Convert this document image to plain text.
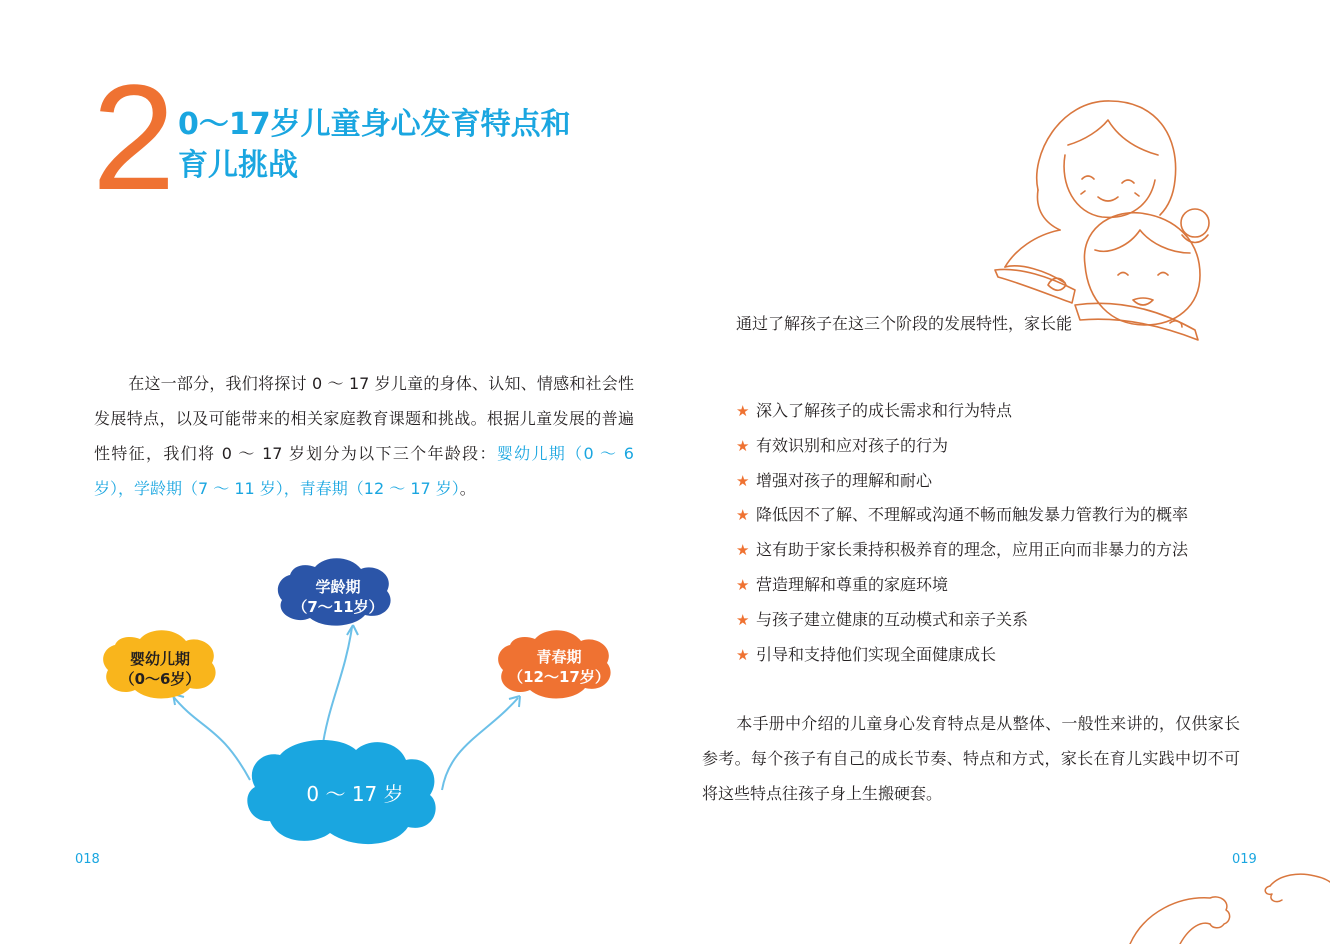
2 0～17岁儿童身心发育特点和
育儿挑战
在这一部分，我们将探讨 0 ～ 17 岁儿童的身体、认知、情感和社会性发展特点，以及可能带来的相关家庭教育课题和挑战。根据儿童发展的普遍性特征，我们将 0 ～ 17 岁划分为以下三个年龄段：婴幼儿期（0 ～ 6 岁），学龄期（7 ～ 11 岁），青春期（12 ～ 17 岁）。
0 ～ 17 岁
婴幼儿期
（0～6岁）
学龄期
（7～11岁）
青春期
（12～17岁）
通过了解孩子在这三个阶段的发展特性，家长能
★ 深入了解孩子的成长需求和行为特点
★ 有效识别和应对孩子的行为
★ 增强对孩子的理解和耐心
★ 降低因不了解、不理解或沟通不畅而触发暴力管教行为的概率
★ 这有助于家长秉持积极养育的理念，应用正向而非暴力的方法
★ 营造理解和尊重的家庭环境
★ 与孩子建立健康的互动模式和亲子关系
★ 引导和支持他们实现全面健康成长
本手册中介绍的儿童身心发育特点是从整体、一般性来讲的，仅供家长参考。每个孩子有自己的成长节奏、特点和方式，家长在育儿实践中切不可将这些特点往孩子身上生搬硬套。
018	019
